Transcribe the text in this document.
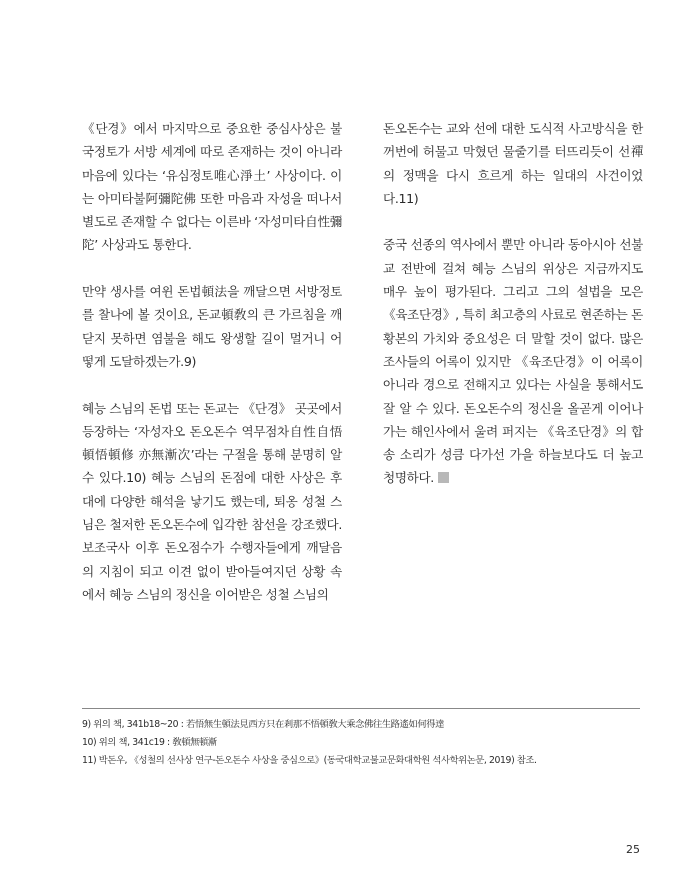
《단경》에서 마지막으로 중요한 중심사상은 불국정토가 서방 세계에 따로 존재하는 것이 아니라 마음에 있다는 ‘유심정토唯心淨土’ 사상이다. 이는 아미타불阿彌陀佛 또한 마음과 자성을 떠나서 별도로 존재할 수 없다는 이른바 ‘자성미타自性彌陀’ 사상과도 통한다.

만약 생사를 여윈 돈법頓法을 깨달으면 서방정토를 찰나에 볼 것이요, 돈교頓敎의 큰 가르침을 깨닫지 못하면 염불을 해도 왕생할 길이 멀거니 어떻게 도달하겠는가.9)

혜능 스님의 돈법 또는 돈교는 《단경》 곳곳에서 등장하는 ‘자성자오 돈오돈수 역무점차自性自悟頓悟頓修 亦無漸次’라는 구절을 통해 분명히 알 수 있다.10) 혜능 스님의 돈점에 대한 사상은 후대에 다양한 해석을 낳기도 했는데, 퇴옹 성철 스님은 철저한 돈오돈수에 입각한 참선을 강조했다. 보조국사 이후 돈오점수가 수행자들에게 깨달음의 지침이 되고 이견 없이 받아들여지던 상황 속에서 혜능 스님의 정신을 이어받은 성철 스님의

돈오돈수는 교와 선에 대한 도식적 사고방식을 한꺼번에 허물고 막혔던 물줄기를 터뜨리듯이 선禪의 정맥을 다시 흐르게 하는 일대의 사건이었다.11)

중국 선종의 역사에서 뿐만 아니라 동아시아 선불교 전반에 걸쳐 혜능 스님의 위상은 지금까지도 매우 높이 평가된다. 그리고 그의 설법을 모은 《육조단경》, 특히 최고층의 사료로 현존하는 돈황본의 가치와 중요성은 더 말할 것이 없다. 많은 조사들의 어록이 있지만 《육조단경》이 어록이 아니라 경으로 전해지고 있다는 사실을 통해서도 잘 알 수 있다. 돈오돈수의 정신을 올곧게 이어나가는 해인사에서 울려 퍼지는 《육조단경》의 합송 소리가 성큼 다가선 가을 하늘보다도 더 높고 청명하다.

9) 위의 책, 341b18~20 : 若悟無生頓法見西方只在剎那不悟頓敎大乘念佛往生路遙如何得達
10) 위의 책, 341c19 : 敎頓無頓漸
11) 박돈우, 《성철의 선사상 연구-돈오돈수 사상을 중심으로》(동국대학교불교문화대학원 석사학위논문, 2019) 참조.
25
